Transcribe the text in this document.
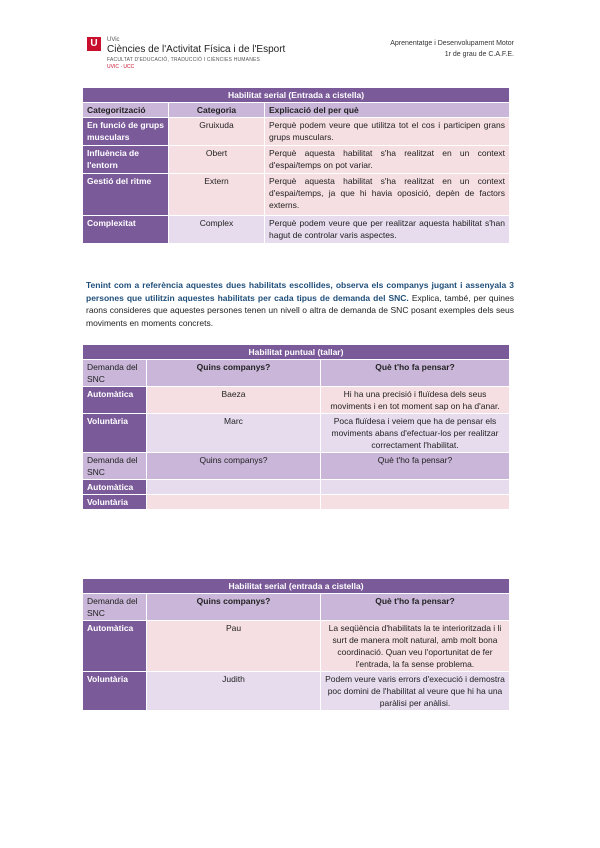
U	UVic
Ciències de l'Activitat Física i de l'Esport
FACULTAT D'EDUCACIÓ, TRADUCCIÓ I CIÈNCIES HUMANES
UVIC · UCC
Aprenentatge i Desenvolupament Motor
1r de grau de C.A.F.E.
Habilitat serial (Entrada a cistella)		
Categorització	Categoria	Explicació del per què
En funció de grups musculars	Gruixuda	Perquè podem veure que utilitza tot el cos i participen grans grups musculars.
Influència de l'entorn	Obert	Perquè aquesta habilitat s'ha realitzat en un context d'espai/temps on pot variar.
Gestió del ritme	Extern	Perquè aquesta habilitat s'ha realitzat en un context d'espai/temps, ja que hi havia oposició, depèn de factors externs.
Complexitat	Complex	Perquè podem veure que per realitzar aquesta habilitat s'han hagut de controlar varis aspectes.
Tenint com a referència aquestes dues habilitats escollides, observa els companys jugant i assenyala 3 persones que utilitzin aquestes habilitats per cada tipus de demanda del SNC. Explica, també, per quines raons consideres que aquestes persones tenen un nivell o altra de demanda de SNC posant exemples dels seus moviments en moments concrets.
Habilitat puntual (tallar)		
Demanda del SNC	Quins companys?	Què t'ho fa pensar?
Automàtica	Baeza	Hi ha una precisió i fluïdesa dels seus moviments i en tot moment sap on ha d'anar.
Voluntària	Marc	Poca fluïdesa i veiem que ha de pensar els moviments abans d'efectuar-los per realitzar correctament l'habilitat.
Demanda del SNC	Quins companys?	Què t'ho fa pensar?
Automàtica		
Voluntària		
Habilitat serial (entrada a cistella)		
Demanda del SNC	Quins companys?	Què t'ho fa pensar?
Automàtica	Pau	La seqüència d'habilitats la te interioritzada i li surt de manera molt natural, amb molt bona coordinació. Quan veu l'oportunitat de fer l'entrada, la fa sense problema.
Voluntària	Judith	Podem veure varis errors d'execució i demostra poc domini de l'habilitat al veure que hi ha una paràlisi per anàlisi.
